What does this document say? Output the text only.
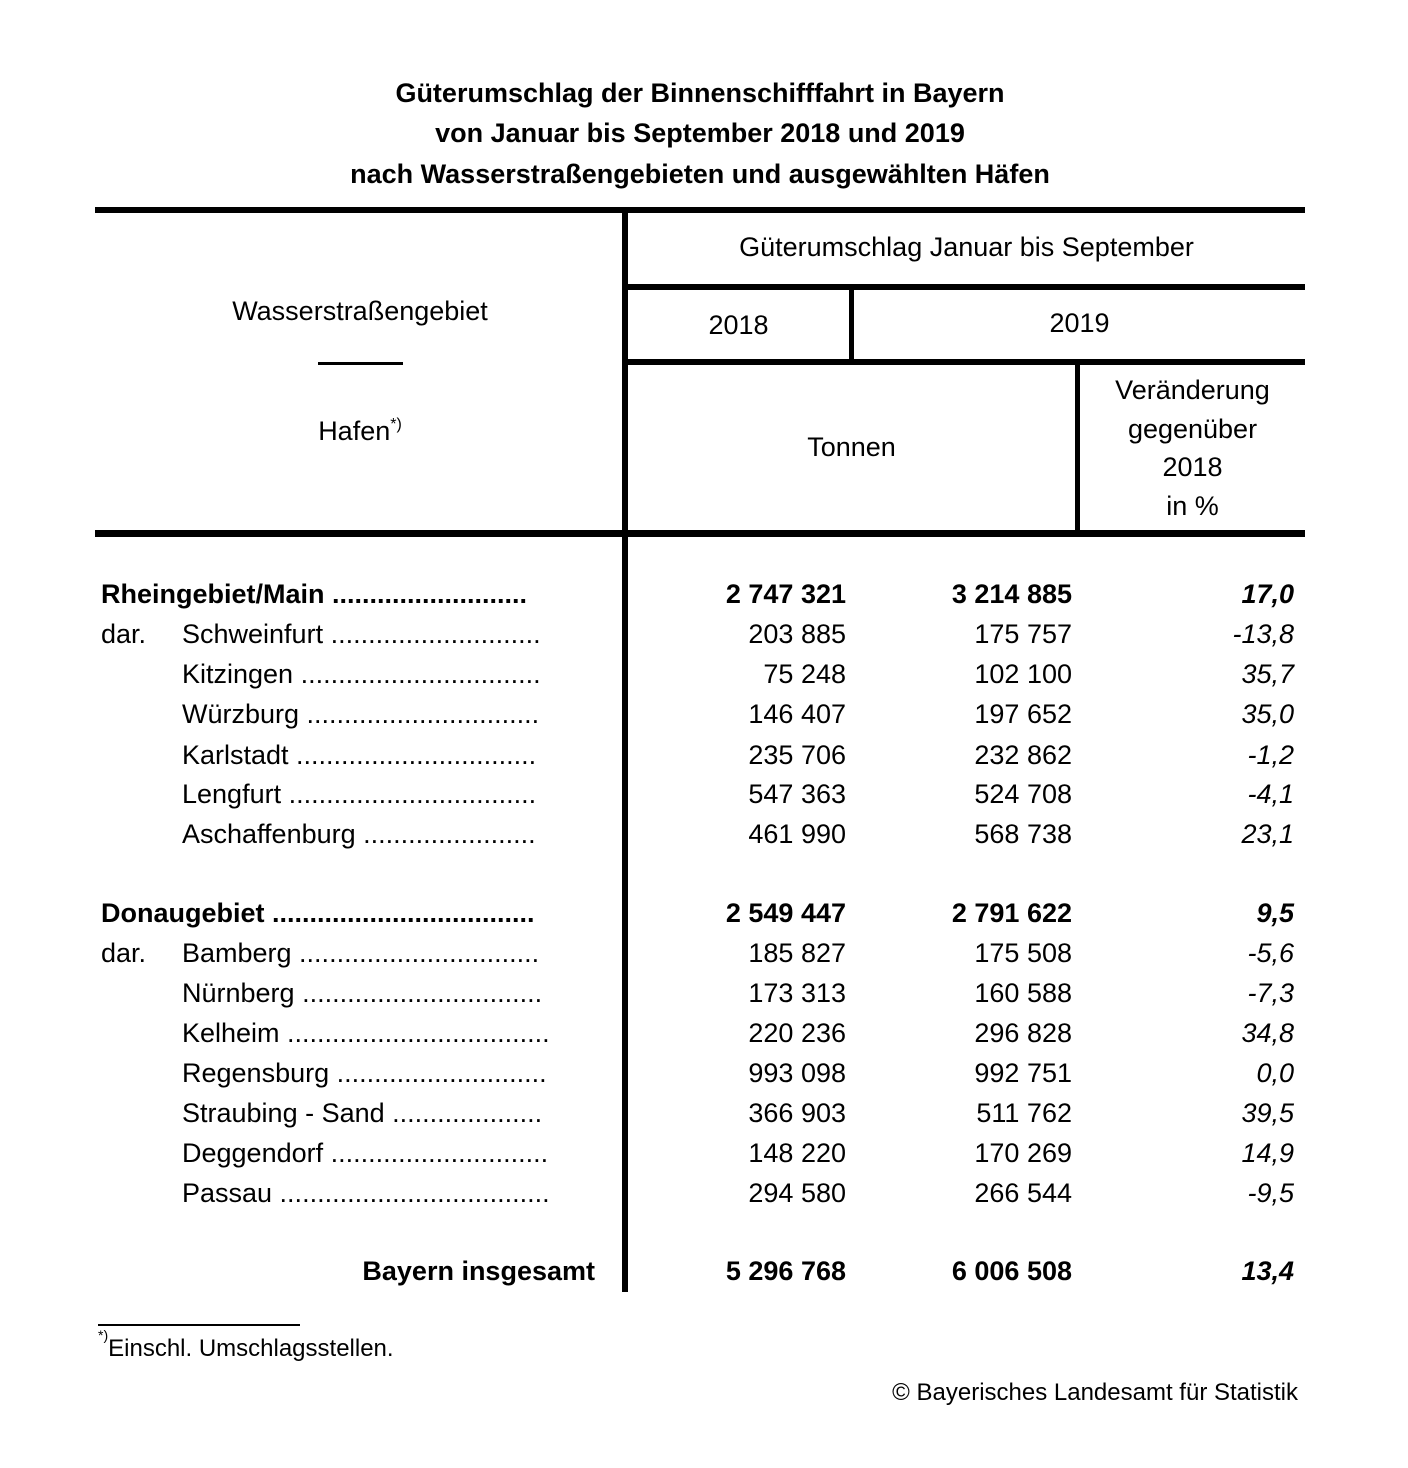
Güterumschlag der Binnenschifffahrt in Bayern
von Januar bis September 2018 und 2019
nach Wasserstraßengebieten und ausgewählten Häfen
Wasserstraßengebiet
Hafen*)
Güterumschlag Januar bis September
2018	2019
Tonnen
Veränderung
gegenüber
2018
in %
Rheingebiet/Main ..........................	2 747 321	3 214 885	17,0
dar. Schweinfurt ............................	203 885	175 757	-13,8
Kitzingen ................................	75 248	102 100	35,7
Würzburg ...............................	146 407	197 652	35,0
Karlstadt ................................	235 706	232 862	-1,2
Lengfurt .................................	547 363	524 708	-4,1
Aschaffenburg .......................	461 990	568 738	23,1
Donaugebiet ...................................	2 549 447	2 791 622	9,5
dar. Bamberg ................................	185 827	175 508	-5,6
Nürnberg ................................	173 313	160 588	-7,3
Kelheim ...................................	220 236	296 828	34,8
Regensburg ............................	993 098	992 751	0,0
Straubing - Sand ....................	366 903	511 762	39,5
Deggendorf .............................	148 220	170 269	14,9
Passau ....................................	294 580	266 544	-9,5
Bayern insgesamt	5 296 768	6 006 508	13,4
*)Einschl. Umschlagsstellen.
© Bayerisches Landesamt für Statistik
